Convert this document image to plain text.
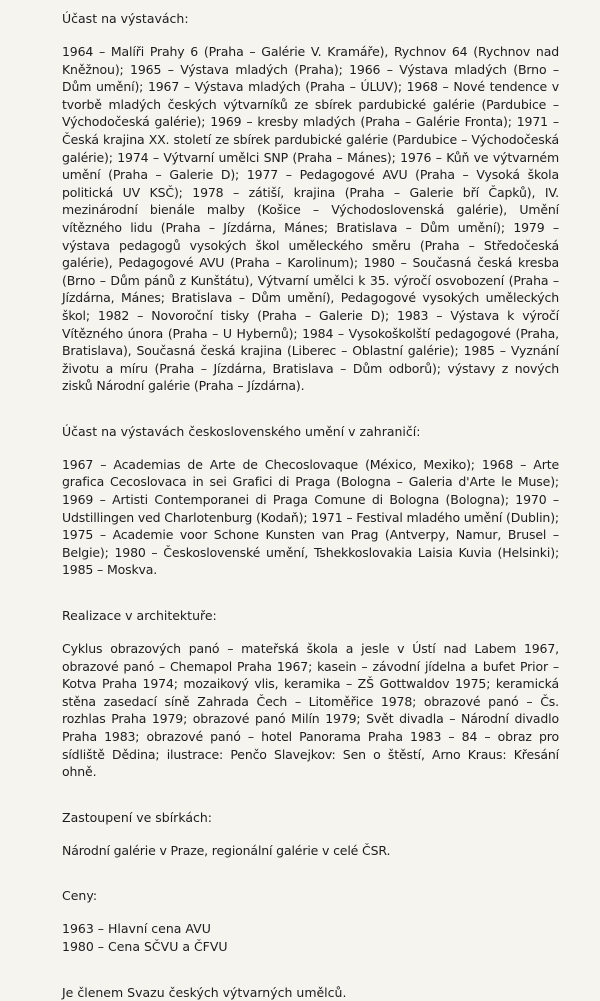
Účast na výstavách:

1964 – Malíři Prahy 6 (Praha – Galérie V. Kramáře), Rychnov 64 (Rychnov nad Kněžnou); 1965 – Výstava mladých (Praha); 1966 – Výstava mladých (Brno – Dům umění); 1967 – Výstava mladých (Praha – ÚLUV); 1968 – Nové tendence v tvorbě mladých českých výtvarníků ze sbírek pardubické galérie (Pardubice – Východočeská galérie); 1969 – kresby mladých (Praha – Galérie Fronta); 1971 – Česká krajina XX. století ze sbírek pardubické galérie (Pardubice – Východočeská galérie); 1974 – Výtvarní umělci SNP (Praha – Mánes); 1976 – Kůň ve výtvarném umění (Praha – Galerie D); 1977 – Pedagogové AVU (Praha – Vysoká škola politická UV KSČ); 1978 – zátiší, krajina (Praha – Galerie bří Čapků), IV. mezinárodní bienále malby (Košice – Východoslovenská galérie), Umění vítězného lidu (Praha – Jízdárna, Mánes; Bratislava – Dům umění); 1979 – výstava pedagogů vysokých škol uměleckého směru (Praha – Středočeská galérie), Pedagogové AVU (Praha – Karolinum); 1980 – Současná česká kresba (Brno – Dům pánů z Kunštátu), Výtvarní umělci k 35. výročí osvobození (Praha – Jízdárna, Mánes; Bratislava – Dům umění), Pedagogové vysokých uměleckých škol; 1982 – Novoroční tisky (Praha – Galerie D); 1983 – Výstava k výročí Vítězného února (Praha – U Hybernů); 1984 – Vysokoškolští pedagogové (Praha, Bratislava), Současná česká krajina (Liberec – Oblastní galérie); 1985 – Vyznání životu a míru (Praha – Jízdárna, Bratislava – Dům odborů); výstavy z nových zisků Národní galérie (Praha – Jízdárna).

Účast na výstavách československého umění v zahraničí:

1967 – Academias de Arte de Checoslovaque (México, Mexiko); 1968 – Arte grafica Cecoslovaca in sei Grafici di Praga (Bologna – Galeria d'Arte le Muse); 1969 – Artisti Contemporanei di Praga Comune di Bologna (Bologna); 1970 – Udstillingen ved Charlotenburg (Kodaň); 1971 – Festival mladého umění (Dublin); 1975 – Academie voor Schone Kunsten van Prag (Antverpy, Namur, Brusel – Belgie); 1980 – Československé umění, Tshekkoslovakia Laisia Kuvia (Helsinki); 1985 – Moskva.

Realizace v architektuře:

Cyklus obrazových panó – mateřská škola a jesle v Ústí nad Labem 1967, obrazové panó – Chemapol Praha 1967; kasein – závodní jídelna a bufet Prior – Kotva Praha 1974; mozaikový vlis, keramika – ZŠ Gottwaldov 1975; keramická stěna zasedací síně Zahrada Čech – Litoměřice 1978; obrazové panó – Čs. rozhlas Praha 1979; obrazové panó Milín 1979; Svět divadla – Národní divadlo Praha 1983; obrazové panó – hotel Panorama Praha 1983 – 84 – obraz pro sídliště Dědina; ilustrace: Penčo Slavejkov: Sen o štěstí, Arno Kraus: Křesání ohně.

Zastoupení ve sbírkách:

Národní galérie v Praze, regionální galérie v celé ČSR.

Ceny:

1963 – Hlavní cena AVU
1980 – Cena SČVU a ČFVU

Je členem Svazu českých výtvarných umělců.
